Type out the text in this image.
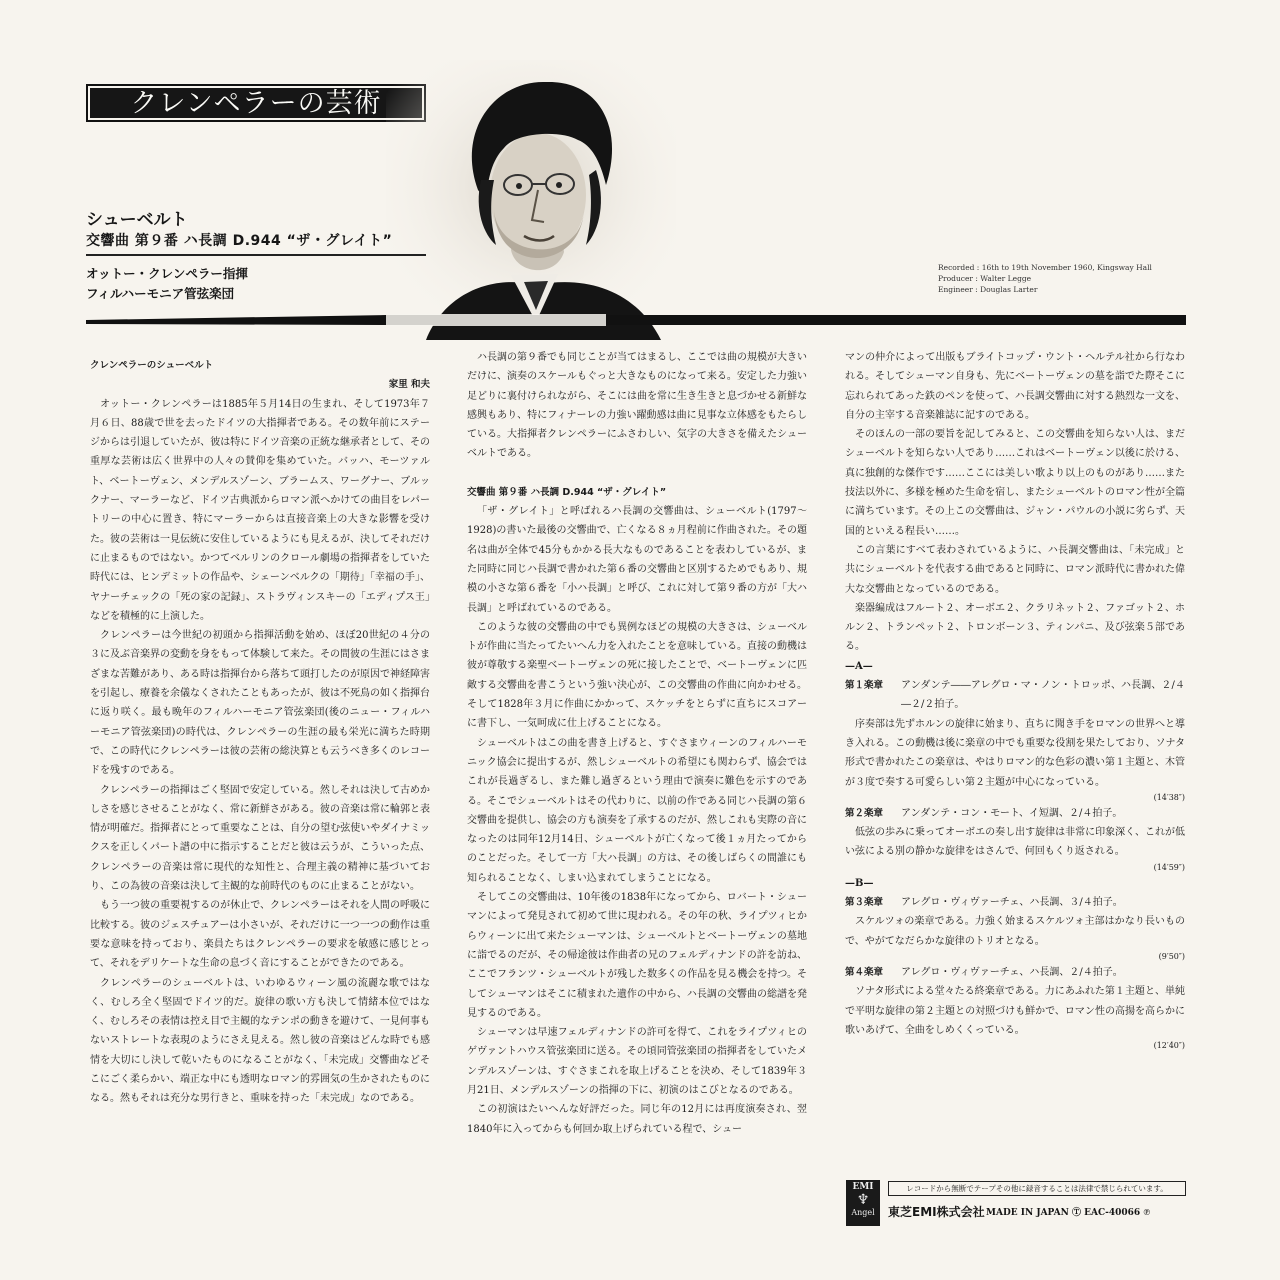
クレンペラーの芸術
シューベルト
交響曲 第９番 ハ長調 D.944 “ザ・グレイト”
オットー・クレンペラー指揮
フィルハーモニア管弦楽団
Recorded : 16th to 19th November 1960, Kingsway Hall
Producer : Walter Legge
Engineer : Douglas Larter
クレンペラーのシューベルト
家里 和夫

オットー・クレンペラーは1885年５月14日の生まれ、そして1973年７月６日、88歳で世を去ったドイツの大指揮者である。その数年前にステージからは引退していたが、彼は特にドイツ音楽の正統な継承者として、その重厚な芸術は広く世界中の人々の賛仰を集めていた。バッハ、モーツァルト、ベートーヴェン、メンデルスゾーン、ブラームス、ワーグナー、ブルックナー、マーラーなど、ドイツ古典派からロマン派へかけての曲目をレパートリーの中心に置き、特にマーラーからは直接音楽上の大きな影響を受けた。彼の芸術は一見伝統に安住しているようにも見えるが、決してそれだけに止まるものではない。かつてベルリンのクロール劇場の指揮者をしていた時代には、ヒンデミットの作品や、シェーンベルクの「期待」「幸福の手」、ヤナーチェックの「死の家の記録」、ストラヴィンスキーの「エディプス王」などを積極的に上演した。

クレンペラーは今世紀の初頭から指揮活動を始め、ほぼ20世紀の４分の３に及ぶ音楽界の変動を身をもって体験して来た。その間彼の生涯にはさまざまな苦難があり、ある時は指揮台から落ちて頭打したのが原因で神経障害を引起し、療養を余儀なくされたこともあったが、彼は不死鳥の如く指揮台に返り咲く。最も晩年のフィルハーモニア管弦楽団(後のニュー・フィルハーモニア管弦楽団)の時代は、クレンペラーの生涯の最も栄光に満ちた時期で、この時代にクレンペラーは彼の芸術の総決算とも云うべき多くのレコードを残すのである。

クレンペラーの指揮はごく堅固で安定している。然しそれは決して古めかしさを感じさせることがなく、常に新鮮さがある。彼の音楽は常に輪郭と表情が明確だ。指揮者にとって重要なことは、自分の望む弦使いやダイナミックスを正しくパート譜の中に指示することだと彼は云うが、こういった点、クレンペラーの音楽は常に現代的な知性と、合理主義の精神に基づいており、この為彼の音楽は決して主観的な前時代のものに止まることがない。

もう一つ彼の重要視するのが休止で、クレンペラーはそれを人間の呼吸に比較する。彼のジェスチュアーは小さいが、それだけに一つ一つの動作は重要な意味を持っており、楽員たちはクレンペラーの要求を敏感に感じとって、それをデリケートな生命の息づく音にすることができたのである。

クレンペラーのシューベルトは、いわゆるウィーン風の流麗な歌ではなく、むしろ全く堅固でドイツ的だ。旋律の歌い方も決して情緒本位ではなく、むしろその表情は控え目で主観的なテンポの動きを避けて、一見何事もないストレートな表現のようにさえ見える。然し彼の音楽はどんな時でも感情を大切にし決して乾いたものになることがなく、「未完成」交響曲などそこにごく柔らかい、端正な中にも透明なロマン的雰囲気の生かされたものになる。然もそれは充分な男行きと、重味を持った「未完成」なのである。

ハ長調の第９番でも同じことが当てはまるし、ここでは曲の規模が大きいだけに、演奏のスケールもぐっと大きなものになって来る。安定した力強い足どりに裏付けられながら、そこには曲を常に生き生きと息づかせる新鮮な感興もあり、特にフィナーレの力強い躍動感は曲に見事な立体感をもたらしている。大指揮者クレンペラーにふさわしい、気字の大きさを備えたシューベルトである。

交響曲 第９番 ハ長調 D.944 “ザ・グレイト”

「ザ・グレイト」と呼ばれるハ長調の交響曲は、シューベルト(1797〜1928)の書いた最後の交響曲で、亡くなる８ヵ月程前に作曲された。その題名は曲が全体で45分もかかる長大なものであることを表わしているが、また同時に同じハ長調で書かれた第６番の交響曲と区別するためでもあり、規模の小さな第６番を「小ハ長調」と呼び、これに対して第９番の方が「大ハ長調」と呼ばれているのである。

このような彼の交響曲の中でも異例なほどの規模の大きさは、シューベルトが作曲に当たってたいへん力を入れたことを意味している。直接の動機は彼が尊敬する楽聖ベートーヴェンの死に接したことで、ベートーヴェンに匹敵する交響曲を書こうという強い決心が、この交響曲の作曲に向かわせる。そして1828年３月に作曲にかかって、スケッチをとらずに直ちにスコアーに書下し、一気呵成に仕上げることになる。

シューベルトはこの曲を書き上げると、すぐさまウィーンのフィルハーモニック協会に提出するが、然しシューベルトの希望にも関わらず、協会ではこれが長過ぎるし、また難し過ぎるという理由で演奏に難色を示すのである。そこでシューベルトはその代わりに、以前の作である同じハ長調の第６交響曲を提供し、協会の方も演奏を了承するのだが、然しこれも実際の音になったのは同年12月14日、シューベルトが亡くなって後１ヵ月たってからのことだった。そして一方「大ハ長調」の方は、その後しばらくの間誰にも知られることなく、しまい込まれてしまうことになる。

そしてこの交響曲は、10年後の1838年になってから、ロバート・シューマンによって発見されて初めて世に現われる。その年の秋、ライプツィヒからウィーンに出て来たシューマンは、シューベルトとベートーヴェンの墓地に詣でるのだが、その帰途彼は作曲者の兄のフェルディナンドの許を訪ね、ここでフランツ・シューベルトが残した数多くの作品を見る機会を持つ。そしてシューマンはそこに積まれた遺作の中から、ハ長調の交響曲の総譜を発見するのである。

シューマンは早速フェルディナンドの許可を得て、これをライプツィヒのゲヴァントハウス管弦楽団に送る。その頃同管弦楽団の指揮者をしていたメンデルスゾーンは、すぐさまこれを取上げることを決め、そして1839年３月21日、メンデルスゾーンの指揮の下に、初演のはこびとなるのである。

この初演はたいへんな好評だった。同じ年の12月には再度演奏され、翌1840年に入ってからも何回か取上げられている程で、シュー

マンの仲介によって出版もブライトコップ・ウント・ヘルテル社から行なわれる。そしてシューマン自身も、先にベートーヴェンの墓を詣でた際そこに忘れられてあった鉄のペンを使って、ハ長調交響曲に対する熱烈な一文を、自分の主宰する音楽雑誌に記すのである。

そのほんの一部の要旨を記してみると、この交響曲を知らない人は、まだシューベルトを知らない人であり……これはベートーヴェン以後に於ける、真に独創的な傑作です……ここには美しい歌より以上のものがあり……また技法以外に、多様を極めた生命を宿し、またシューベルトのロマン性が全篇に満ちています。その上この交響曲は、ジャン・パウルの小説に劣らず、天国的といえる程長い……。

この言葉にすべて表わされているように、ハ長調交響曲は、「未完成」と共にシューベルトを代表する曲であると同時に、ロマン派時代に書かれた偉大な交響曲となっているのである。

楽器編成はフルート２、オーボエ２、クラリネット２、ファゴット２、ホルン２、トランペット２、トロンボーン３、ティンパニ、及び弦楽５部である。

—A—
第１楽章	アンダンテ――アレグロ・マ・ノン・トロッポ、ハ長調、２/４―２/２拍子。

序奏部は先ずホルンの旋律に始まり、直ちに聞き手をロマンの世界へと導き入れる。この動機は後に楽章の中でも重要な役割を果たしており、ソナタ形式で書かれたこの楽章は、やはりロマン的な色彩の濃い第１主題と、木管が３度で奏する可愛らしい第２主題が中心になっている。

(14′38″)
第２楽章	アンダンテ・コン・モート、イ短調、２/４拍子。

低弦の歩みに乗ってオーボエの奏し出す旋律は非常に印象深く、これが低い弦による別の静かな旋律をはさんで、何回もくり返される。

(14′59″)
—B—
第３楽章	アレグロ・ヴィヴァーチェ、ハ長調、３/４拍子。

スケルツォの楽章である。力強く始まるスケルツォ主部はかなり長いもので、やがてなだらかな旋律のトリオとなる。

(9′50″)
第４楽章	アレグロ・ヴィヴァーチェ、ハ長調、２/４拍子。

ソナタ形式による堂々たる終楽章である。力にあふれた第１主題と、単純で平明な旋律の第２主題との対照づけも鮮かで、ロマン性の高揚を高らかに歌いあげて、全曲をしめくくっている。

(12′40″)
EMI
♆
Angel
レコードから無断でテープその他に録音することは法律で禁じられています。
東芝EMI株式会社 MADE IN JAPAN Ⓣ EAC-40066 ℗
